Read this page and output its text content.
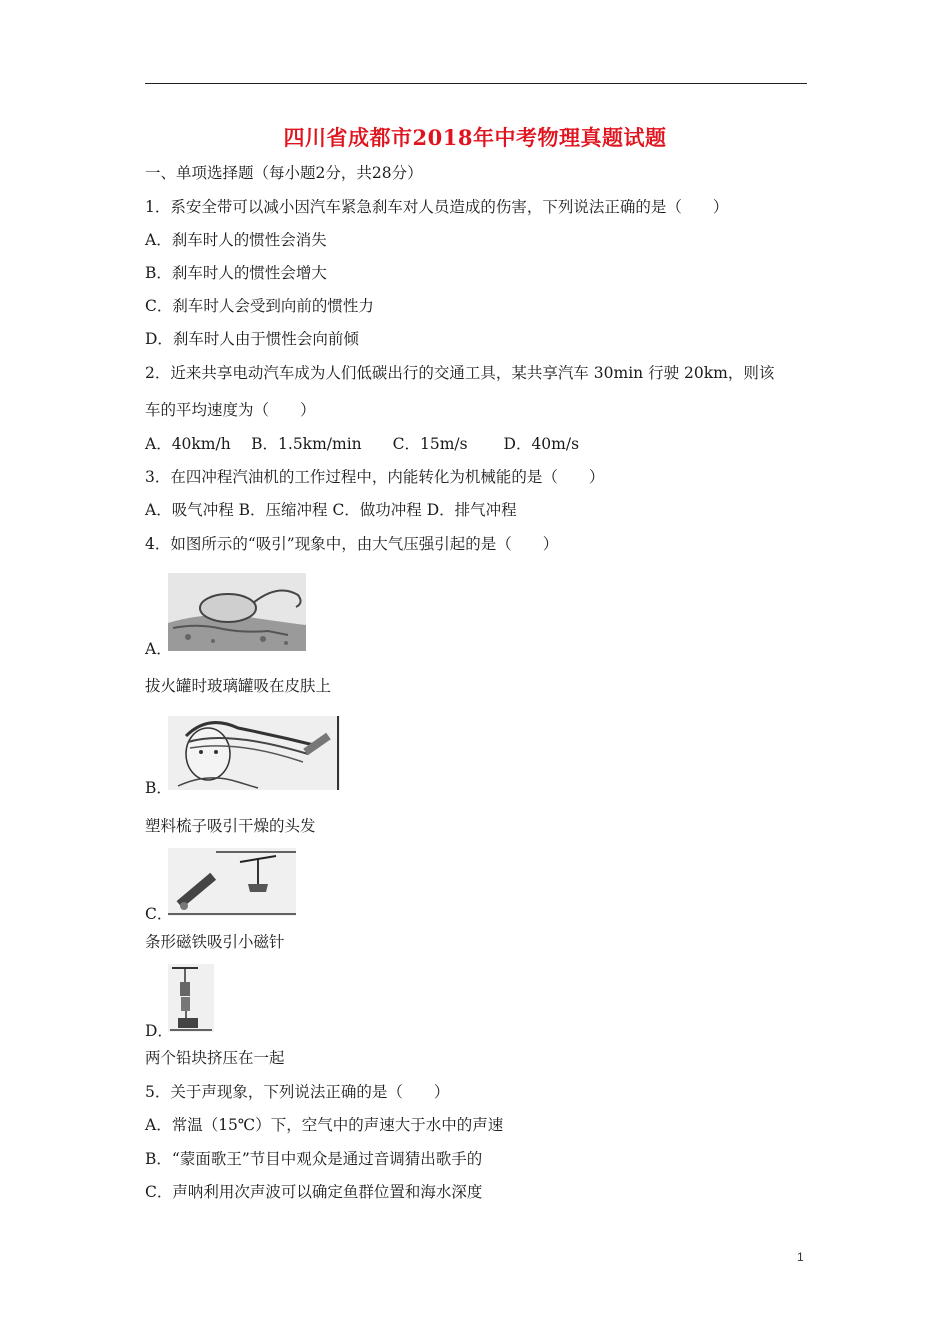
四川省成都市2018年中考物理真题试题
一、单项选择题（每小题2分，共28分）
1．系安全带可以减小因汽车紧急刹车对人员造成的伤害，下列说法正确的是（　　）
A．刹车时人的惯性会消失
B．刹车时人的惯性会增大
C．刹车时人会受到向前的惯性力
D．刹车时人由于惯性会向前倾
2．近来共享电动汽车成为人们低碳出行的交通工具，某共享汽车 30min 行驶 20km，则该
车的平均速度为（　　）
A．40km/h　 B．1.5km/min　　C．15m/s　　 D．40m/s
3．在四冲程汽油机的工作过程中，内能转化为机械能的是（　　）
A．吸气冲程 B．压缩冲程 C．做功冲程 D．排气冲程
4．如图所示的“吸引”现象中，由大气压强引起的是（　　）
A．
拔火罐时玻璃罐吸在皮肤上
B．
塑料梳子吸引干燥的头发
C．
条形磁铁吸引小磁针
D．
两个铅块挤压在一起
5．关于声现象，下列说法正确的是（　　）
A．常温（15℃）下，空气中的声速大于水中的声速
B．“蒙面歌王”节目中观众是通过音调猜出歌手的
C．声呐利用次声波可以确定鱼群位置和海水深度
1
